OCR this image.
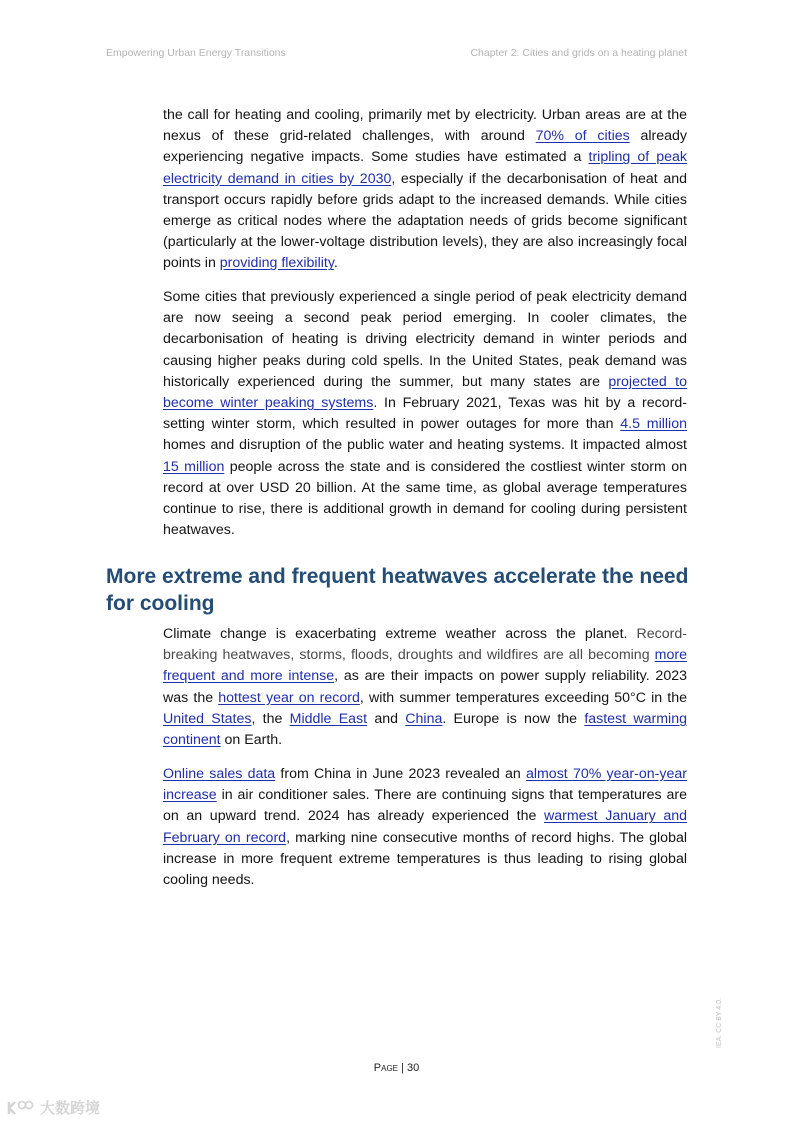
Empowering Urban Energy Transitions	Chapter 2: Cities and grids on a heating planet

the call for heating and cooling, primarily met by electricity. Urban areas are at the nexus of these grid-related challenges, with around 70% of cities already experiencing negative impacts. Some studies have estimated a tripling of peak electricity demand in cities by 2030, especially if the decarbonisation of heat and transport occurs rapidly before grids adapt to the increased demands. While cities emerge as critical nodes where the adaptation needs of grids become significant (particularly at the lower-voltage distribution levels), they are also increasingly focal points in providing flexibility.

Some cities that previously experienced a single period of peak electricity demand are now seeing a second peak period emerging. In cooler climates, the decarbonisation of heating is driving electricity demand in winter periods and causing higher peaks during cold spells. In the United States, peak demand was historically experienced during the summer, but many states are projected to become winter peaking systems. In February 2021, Texas was hit by a record-setting winter storm, which resulted in power outages for more than 4.5 million homes and disruption of the public water and heating systems. It impacted almost 15 million people across the state and is considered the costliest winter storm on record at over USD 20 billion. At the same time, as global average temperatures continue to rise, there is additional growth in demand for cooling during persistent heatwaves.

More extreme and frequent heatwaves accelerate the need for cooling

Climate change is exacerbating extreme weather across the planet. Record-breaking heatwaves, storms, floods, droughts and wildfires are all becoming more frequent and more intense, as are their impacts on power supply reliability. 2023 was the hottest year on record, with summer temperatures exceeding 50°C in the United States, the Middle East and China. Europe is now the fastest warming continent on Earth.

Online sales data from China in June 2023 revealed an almost 70% year-on-year increase in air conditioner sales. There are continuing signs that temperatures are on an upward trend. 2024 has already experienced the warmest January and February on record, marking nine consecutive months of record highs. The global increase in more frequent extreme temperatures is thus leading to rising global cooling needs.

Page | 30
IEA. CC BY 4.0.
大数跨境
